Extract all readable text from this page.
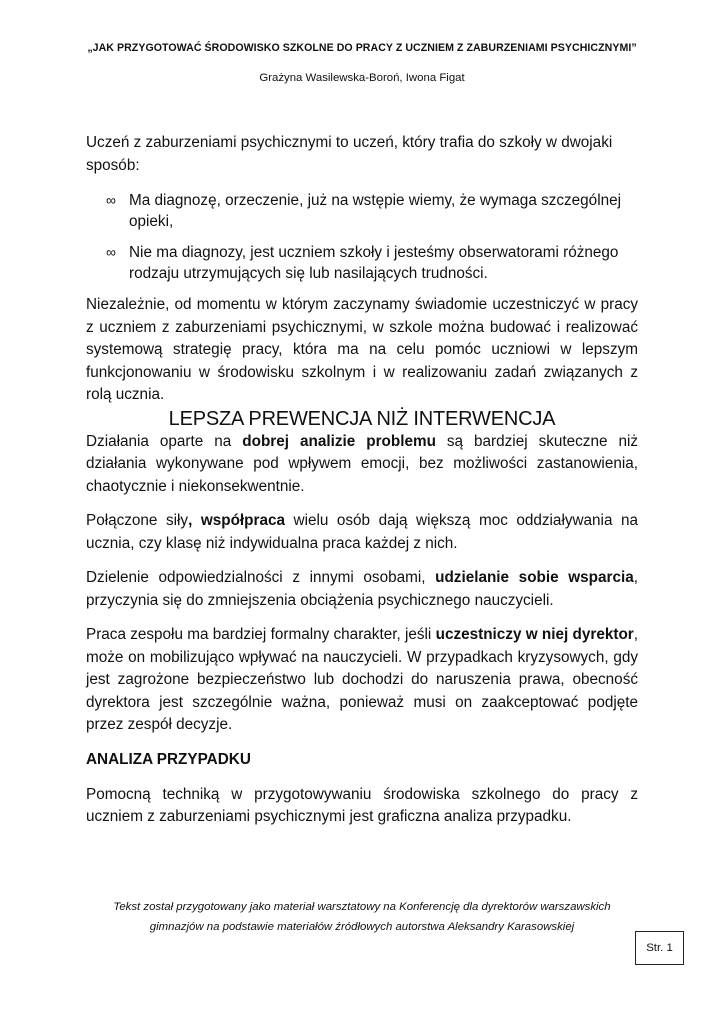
„JAK PRZYGOTOWAĆ ŚRODOWISKO SZKOLNE DO PRACY Z UCZNIEM Z ZABURZENIAMI PSYCHICZNYMI”
Grażyna Wasilewska-Boroń, Iwona Figat

Uczeń z zaburzeniami psychicznymi to uczeń, który trafia do szkoły w dwojaki
sposób:

∞ Ma diagnozę, orzeczenie, już na wstępie wiemy, że wymaga szczególnej opieki,
∞ Nie ma diagnozy, jest uczniem szkoły i jesteśmy obserwatorami różnego rodzaju utrzymujących się lub nasilających trudności.

Niezależnie, od momentu w którym zaczynamy świadomie uczestniczyć w pracy z uczniem z zaburzeniami psychicznymi, w szkole można budować i realizować systemową strategię pracy, która ma na celu pomóc uczniowi w lepszym funkcjonowaniu w środowisku szkolnym i w realizowaniu zadań związanych z rolą ucznia.

LEPSZA PREWENCJA NIŻ INTERWENCJA

Działania oparte na dobrej analizie problemu są bardziej skuteczne niż działania wykonywane pod wpływem emocji, bez możliwości zastanowienia, chaotycznie i niekonsekwentnie.

Połączone siły, współpraca wielu osób dają większą moc oddziaływania na ucznia, czy klasę niż indywidualna praca każdej z nich.

Dzielenie odpowiedzialności z innymi osobami, udzielanie sobie wsparcia, przyczynia się do zmniejszenia obciążenia psychicznego nauczycieli.

Praca zespołu ma bardziej formalny charakter, jeśli uczestniczy w niej dyrektor, może on mobilizująco wpływać na nauczycieli. W przypadkach kryzysowych, gdy jest zagrożone bezpieczeństwo lub dochodzi do naruszenia prawa, obecność dyrektora jest szczególnie ważna, ponieważ musi on zaakceptować podjęte przez zespół decyzje.

ANALIZA PRZYPADKU

Pomocną techniką w przygotowywaniu środowiska szkolnego do pracy z uczniem z zaburzeniami psychicznymi jest graficzna analiza przypadku.

Tekst został przygotowany jako materiał warsztatowy na Konferencję dla dyrektorów warszawskich
gimnazjów na podstawie materiałów źródłowych autorstwa Aleksandry Karasowskiej
Str. 1
